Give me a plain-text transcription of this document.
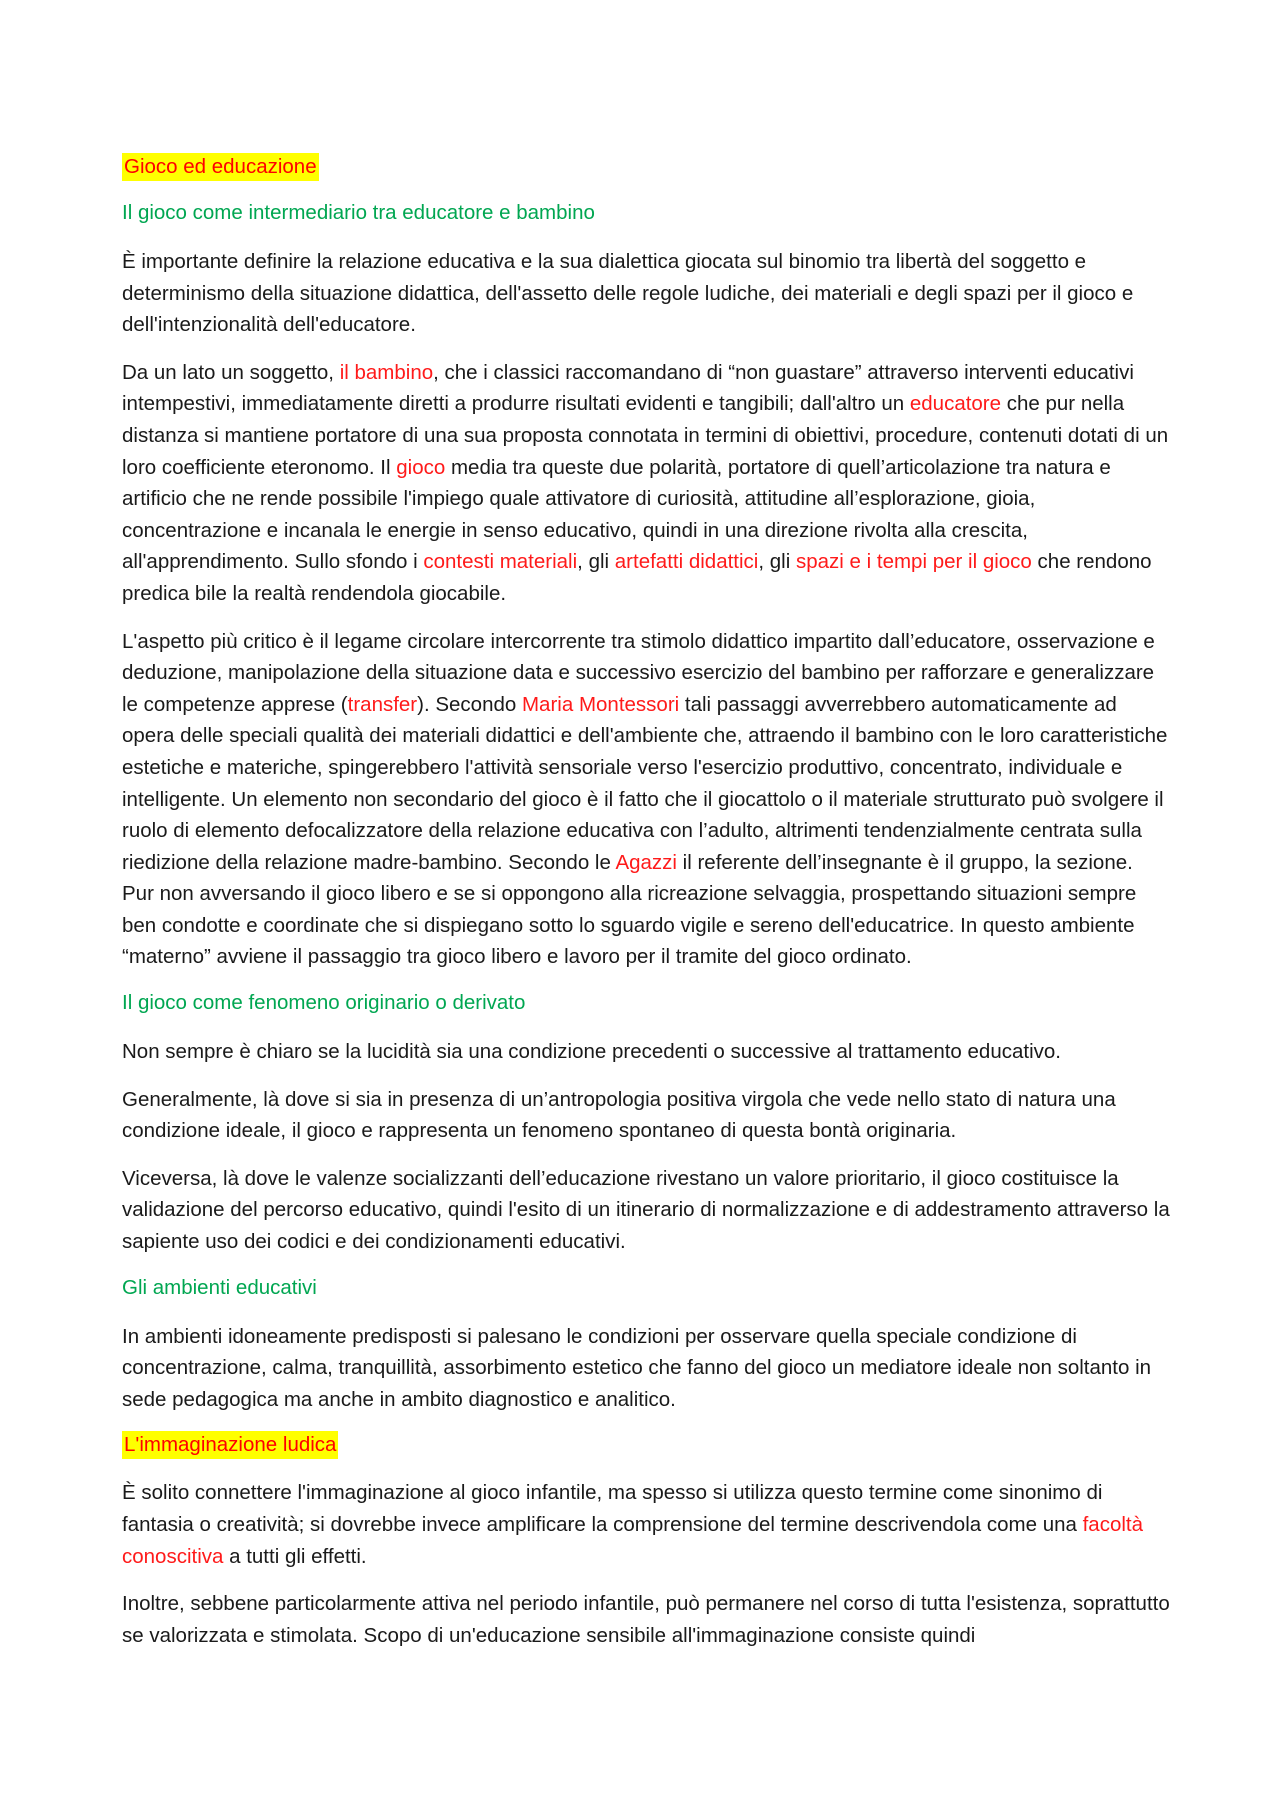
Gioco ed educazione

Il gioco come intermediario tra educatore e bambino

È importante definire la relazione educativa e la sua dialettica giocata sul binomio tra libertà del soggetto e determinismo della situazione didattica, dell'assetto delle regole ludiche, dei materiali e degli spazi per il gioco e dell'intenzionalità dell'educatore.

Da un lato un soggetto, il bambino, che i classici raccomandano di “non guastare” attraverso interventi educativi intempestivi, immediatamente diretti a produrre risultati evidenti e tangibili; dall'altro un educatore che pur nella distanza si mantiene portatore di una sua proposta connotata in termini di obiettivi, procedure, contenuti dotati di un loro coefficiente eteronomo. Il gioco media tra queste due polarità, portatore di quell’articolazione tra natura e artificio che ne rende possibile l'impiego quale attivatore di curiosità, attitudine all’esplorazione, gioia, concentrazione e incanala le energie in senso educativo, quindi in una direzione rivolta alla crescita, all'apprendimento. Sullo sfondo i contesti materiali, gli artefatti didattici, gli spazi e i tempi per il gioco che rendono predica bile la realtà rendendola giocabile.

L'aspetto più critico è il legame circolare intercorrente tra stimolo didattico impartito dall’educatore, osservazione e deduzione, manipolazione della situazione data e successivo esercizio del bambino per rafforzare e generalizzare le competenze apprese (transfer). Secondo Maria Montessori tali passaggi avverrebbero automaticamente ad opera delle speciali qualità dei materiali didattici e dell'ambiente che, attraendo il bambino con le loro caratteristiche estetiche e materiche, spingerebbero l'attività sensoriale verso l'esercizio produttivo, concentrato, individuale e intelligente. Un elemento non secondario del gioco è il fatto che il giocattolo o il materiale strutturato può svolgere il ruolo di elemento defocalizzatore della relazione educativa con l’adulto, altrimenti tendenzialmente centrata sulla riedizione della relazione madre-bambino. Secondo le Agazzi il referente dell’insegnante è il gruppo, la sezione. Pur non avversando il gioco libero e se si oppongono alla ricreazione selvaggia, prospettando situazioni sempre ben condotte e coordinate che si dispiegano sotto lo sguardo vigile e sereno dell'educatrice. In questo ambiente “materno” avviene il passaggio tra gioco libero e lavoro per il tramite del gioco ordinato.

Il gioco come fenomeno originario o derivato

Non sempre è chiaro se la lucidità sia una condizione precedenti o successive al trattamento educativo.

Generalmente, là dove si sia in presenza di un’antropologia positiva virgola che vede nello stato di natura una condizione ideale, il gioco e rappresenta un fenomeno spontaneo di questa bontà originaria.

Viceversa, là dove le valenze socializzanti dell’educazione rivestano un valore prioritario, il gioco costituisce la validazione del percorso educativo, quindi l'esito di un itinerario di normalizzazione e di addestramento attraverso la sapiente uso dei codici e dei condizionamenti educativi.

Gli ambienti educativi

In ambienti idoneamente predisposti si palesano le condizioni per osservare quella speciale condizione di concentrazione, calma, tranquillità, assorbimento estetico che fanno del gioco un mediatore ideale non soltanto in sede pedagogica ma anche in ambito diagnostico e analitico.

L'immaginazione ludica

È solito connettere l'immaginazione al gioco infantile, ma spesso si utilizza questo termine come sinonimo di fantasia o creatività; si dovrebbe invece amplificare la comprensione del termine descrivendola come una facoltà conoscitiva a tutti gli effetti.

Inoltre, sebbene particolarmente attiva nel periodo infantile, può permanere nel corso di tutta l'esistenza, soprattutto se valorizzata e stimolata. Scopo di un'educazione sensibile all'immaginazione consiste quindi
